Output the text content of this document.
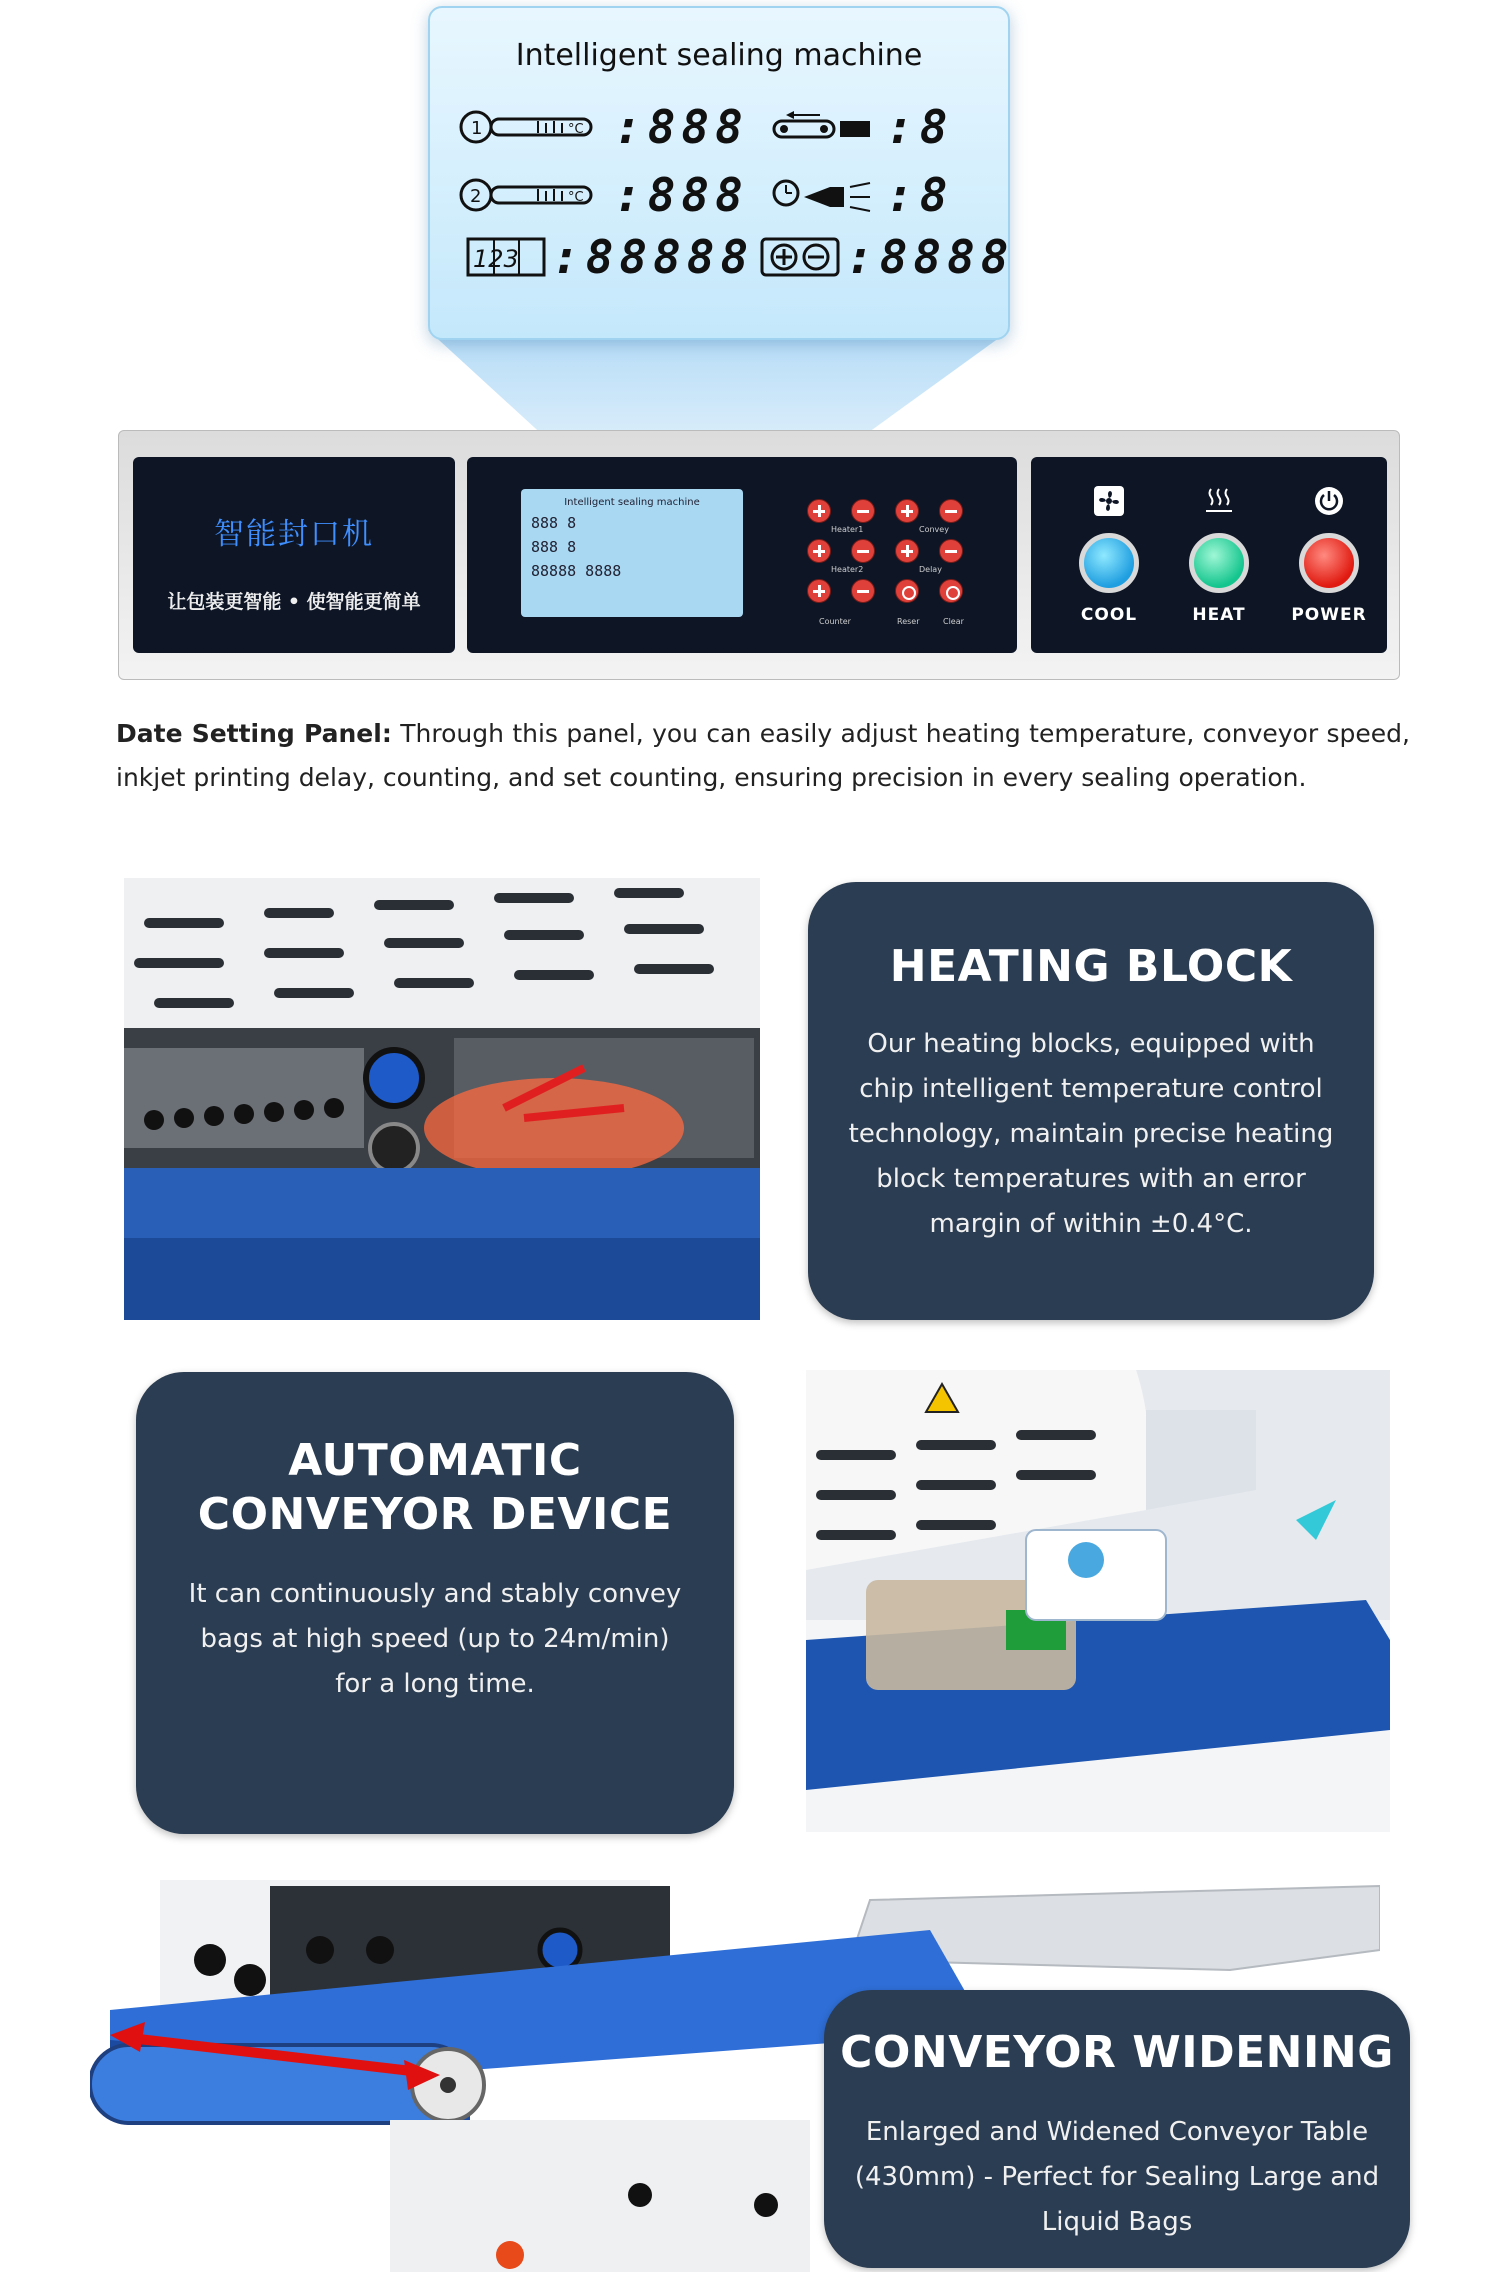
Intelligent sealing machine
1	°C :888	:8
2	°C :888	:8
123 :88888 :8888
智能封口机
让包装更智能 • 使智能更简单
Intelligent sealing machine
888 8
888 8
88888 8888
Heater1	Convey
Heater2	Delay
Counter	Reser	Clear	COOL	HEAT	POWER

Date Setting Panel: Through this panel, you can easily adjust heating temperature, conveyor speed, inkjet printing delay, counting, and set counting, ensuring precision in every sealing operation.

HEATING BLOCK
Our heating blocks, equipped with chip intelligent temperature control technology, maintain precise heating block temperatures with an error margin of within ±0.4°C.
AUTOMATIC CONVEYOR DEVICE
It can continuously and stably convey bags at high speed (up to 24m/min) for a long time.
CONVEYOR WIDENING
Enlarged and Widened Conveyor Table (430mm) - Perfect for Sealing Large and Liquid Bags
